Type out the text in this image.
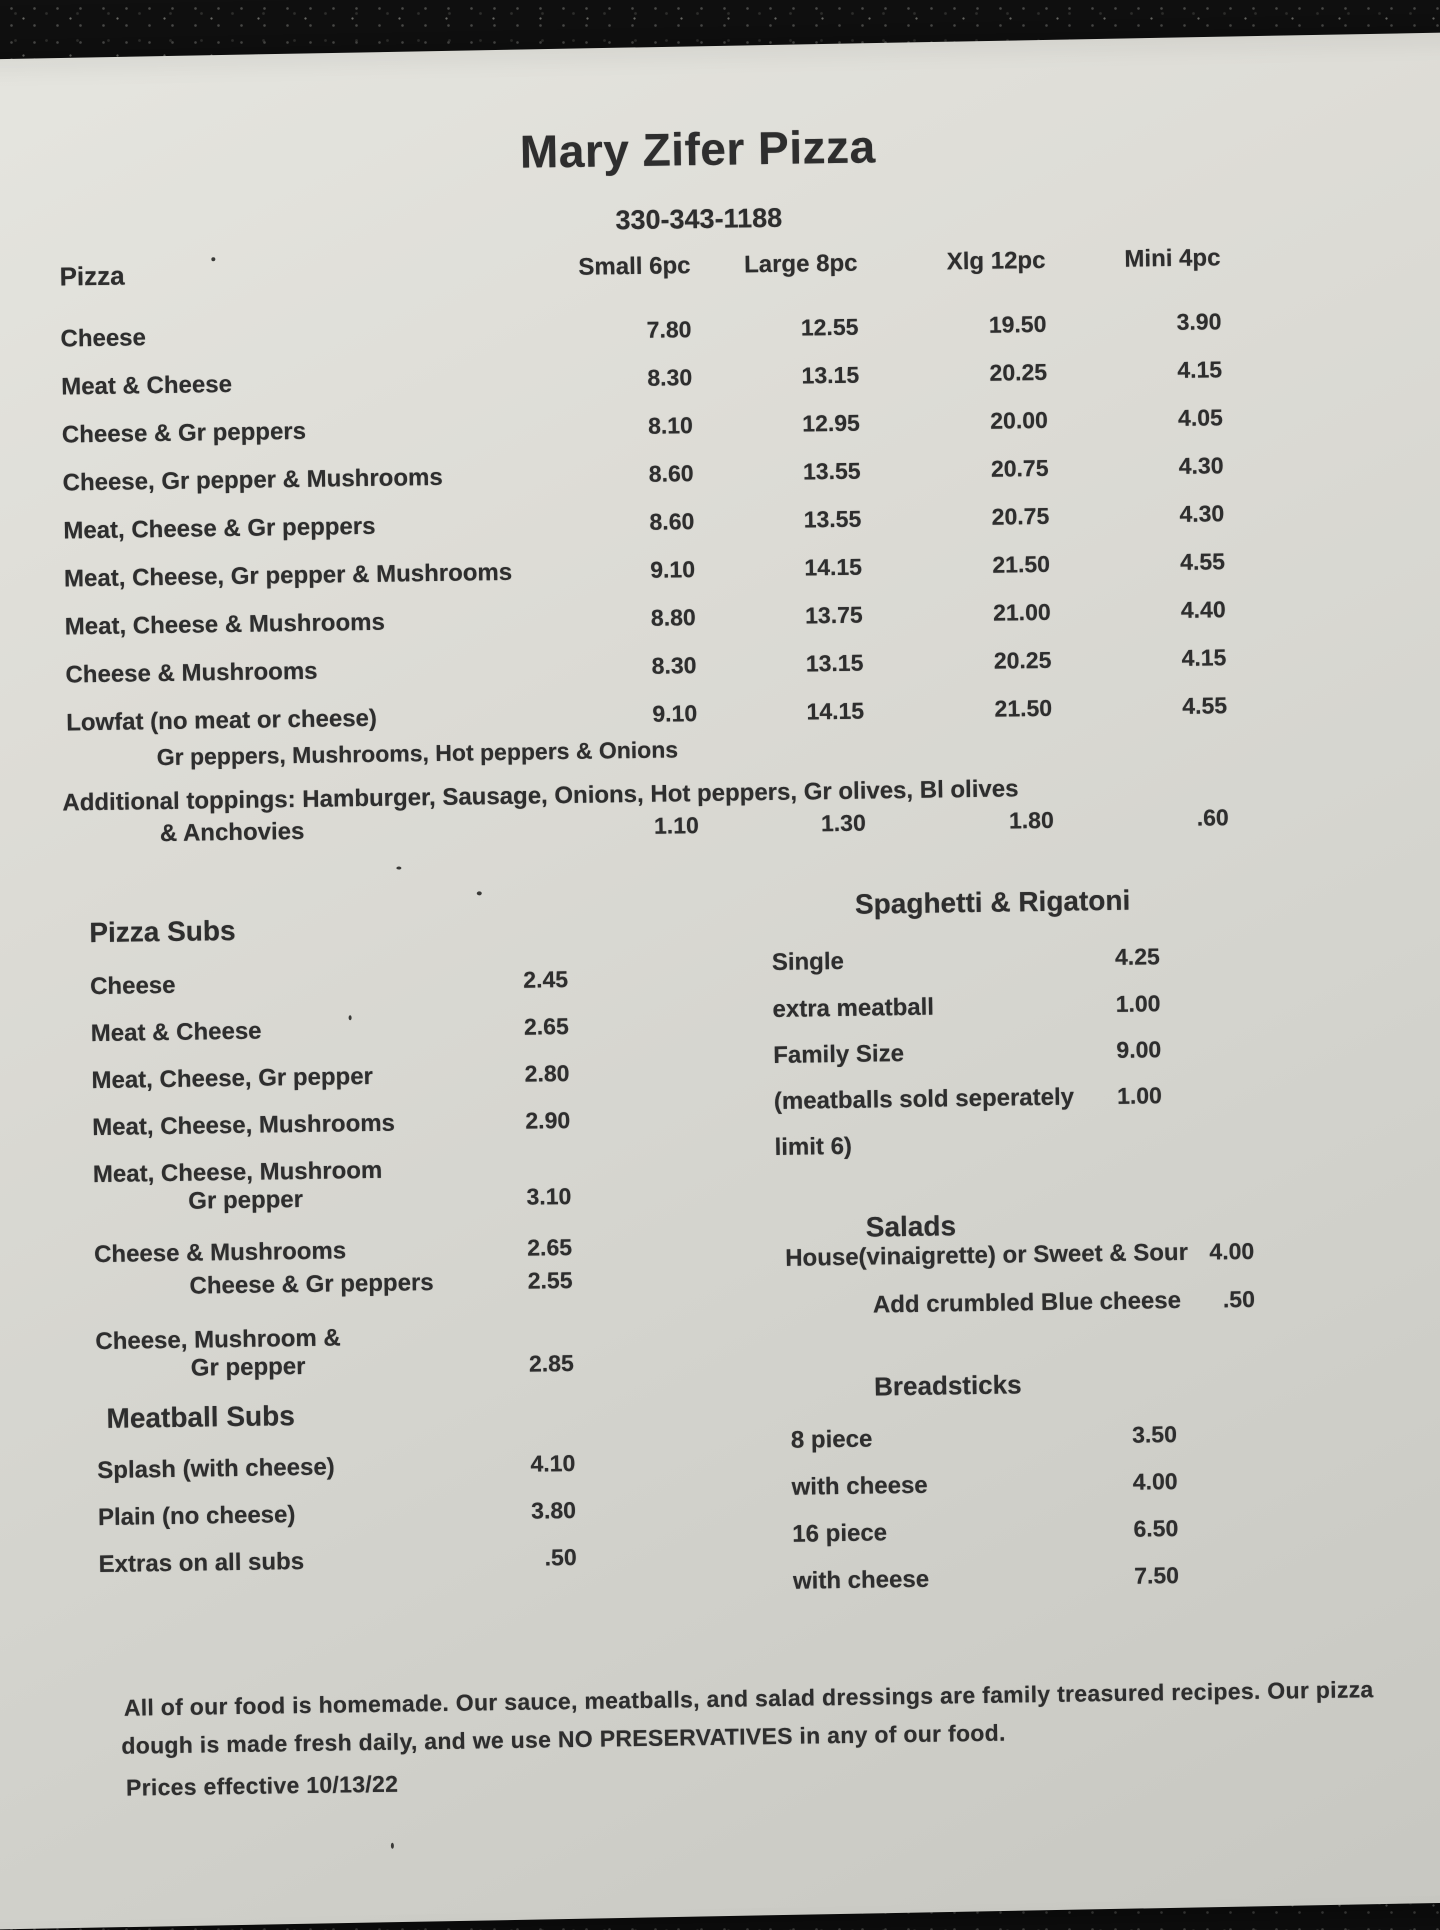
Mary Zifer Pizza
330-343-1188
Pizza	Small 6pc	Large 8pc	Xlg 12pc	Mini 4pc
Cheese	7.80	12.55	19.50	3.90
Meat & Cheese	8.30	13.15	20.25	4.15
Cheese & Gr peppers	8.10	12.95	20.00	4.05
Cheese, Gr pepper & Mushrooms	8.60	13.55	20.75	4.30
Meat, Cheese & Gr peppers	8.60	13.55	20.75	4.30
Meat, Cheese, Gr pepper & Mushrooms	9.10	14.15	21.50	4.55
Meat, Cheese & Mushrooms	8.80	13.75	21.00	4.40
Cheese & Mushrooms	8.30	13.15	20.25	4.15
Lowfat (no meat or cheese)	9.10	14.15	21.50	4.55
Gr peppers, Mushrooms, Hot peppers & Onions
Additional toppings: Hamburger, Sausage, Onions, Hot peppers, Gr olives, Bl olives
& Anchovies	1.10	1.30	1.80	.60
Pizza Subs
Cheese	2.45
Meat & Cheese	2.65
Meat, Cheese, Gr pepper	2.80
Meat, Cheese, Mushrooms	2.90
Meat, Cheese, Mushroom
Gr pepper	3.10
Cheese & Mushrooms	2.65
Cheese & Gr peppers	2.55
Cheese, Mushroom &
Gr pepper	2.85
Meatball Subs
Splash (with cheese)	4.10
Plain (no cheese)	3.80
Extras on all subs	.50
Spaghetti & Rigatoni
Single	4.25
extra meatball	1.00
Family Size	9.00
(meatballs sold seperately 1.00
limit 6)
Salads
House(vinaigrette) or Sweet & Sour 4.00
Add crumbled Blue cheese .50
Breadsticks
8 piece	3.50
with cheese	4.00
16 piece	6.50
with cheese	7.50
All of our food is homemade. Our sauce, meatballs, and salad dressings are family treasured recipes. Our pizza
dough is made fresh daily, and we use NO PRESERVATIVES in any of our food.
Prices effective 10/13/22
